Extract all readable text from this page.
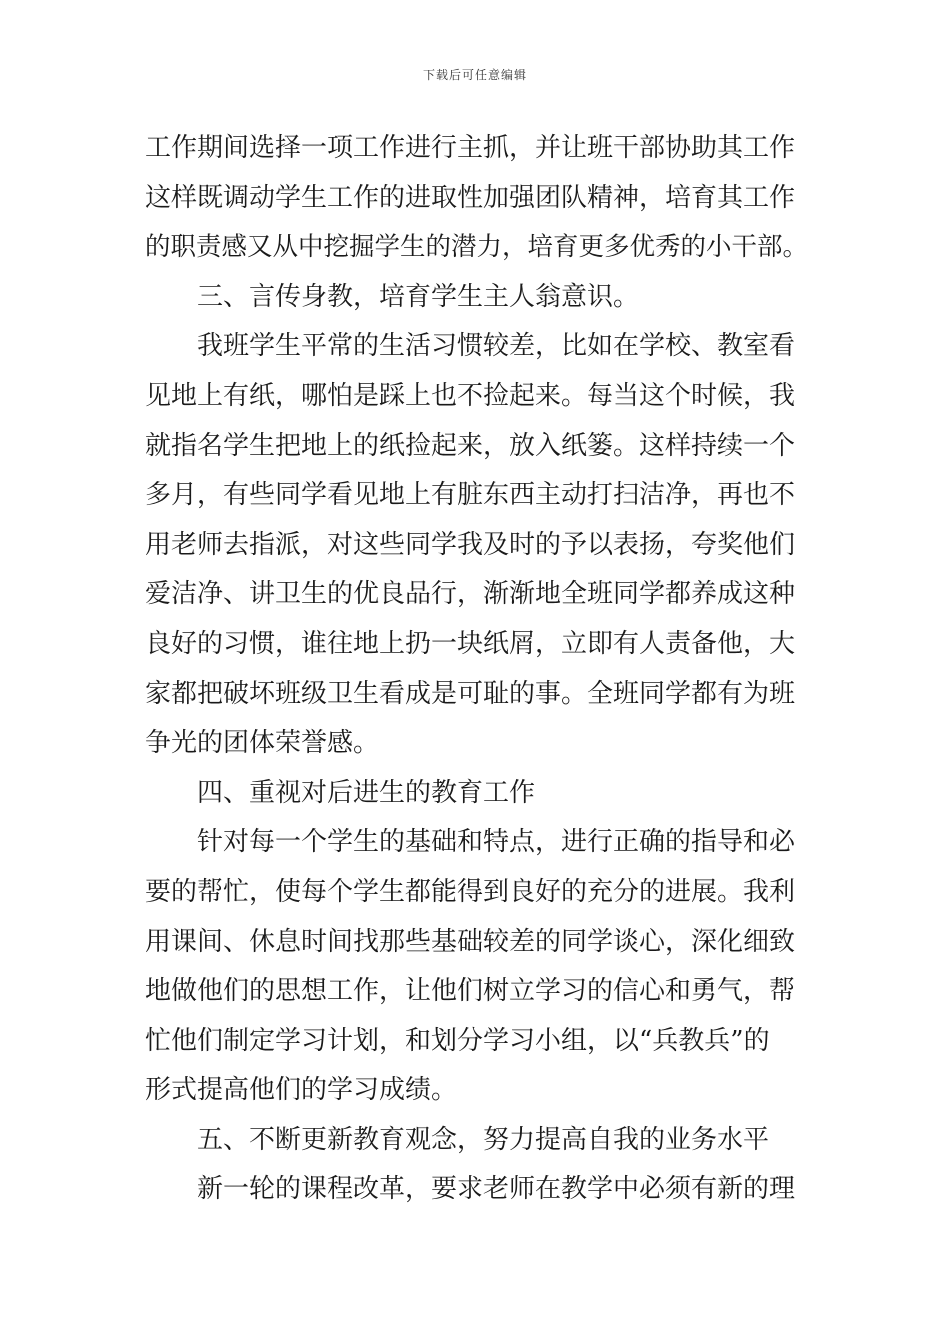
下载后可任意编辑
工作期间选择一项工作进行主抓，并让班干部协助其工作
这样既调动学生工作的进取性加强团队精神，培育其工作
的职责感又从中挖掘学生的潜力，培育更多优秀的小干部。
三、言传身教，培育学生主人翁意识。
我班学生平常的生活习惯较差，比如在学校、教室看
见地上有纸，哪怕是踩上也不捡起来。每当这个时候，我
就指名学生把地上的纸捡起来，放入纸篓。这样持续一个
多月，有些同学看见地上有脏东西主动打扫洁净，再也不
用老师去指派，对这些同学我及时的予以表扬，夸奖他们
爱洁净、讲卫生的优良品行，渐渐地全班同学都养成这种
良好的习惯，谁往地上扔一块纸屑，立即有人责备他，大
家都把破坏班级卫生看成是可耻的事。全班同学都有为班
争光的团体荣誉感。
四、重视对后进生的教育工作
针对每一个学生的基础和特点，进行正确的指导和必
要的帮忙，使每个学生都能得到良好的充分的进展。我利
用课间、休息时间找那些基础较差的同学谈心，深化细致
地做他们的思想工作，让他们树立学习的信心和勇气，帮
忙他们制定学习计划，和划分学习小组，以“兵教兵”的
形式提高他们的学习成绩。
五、不断更新教育观念，努力提高自我的业务水平
新一轮的课程改革，要求老师在教学中必须有新的理
